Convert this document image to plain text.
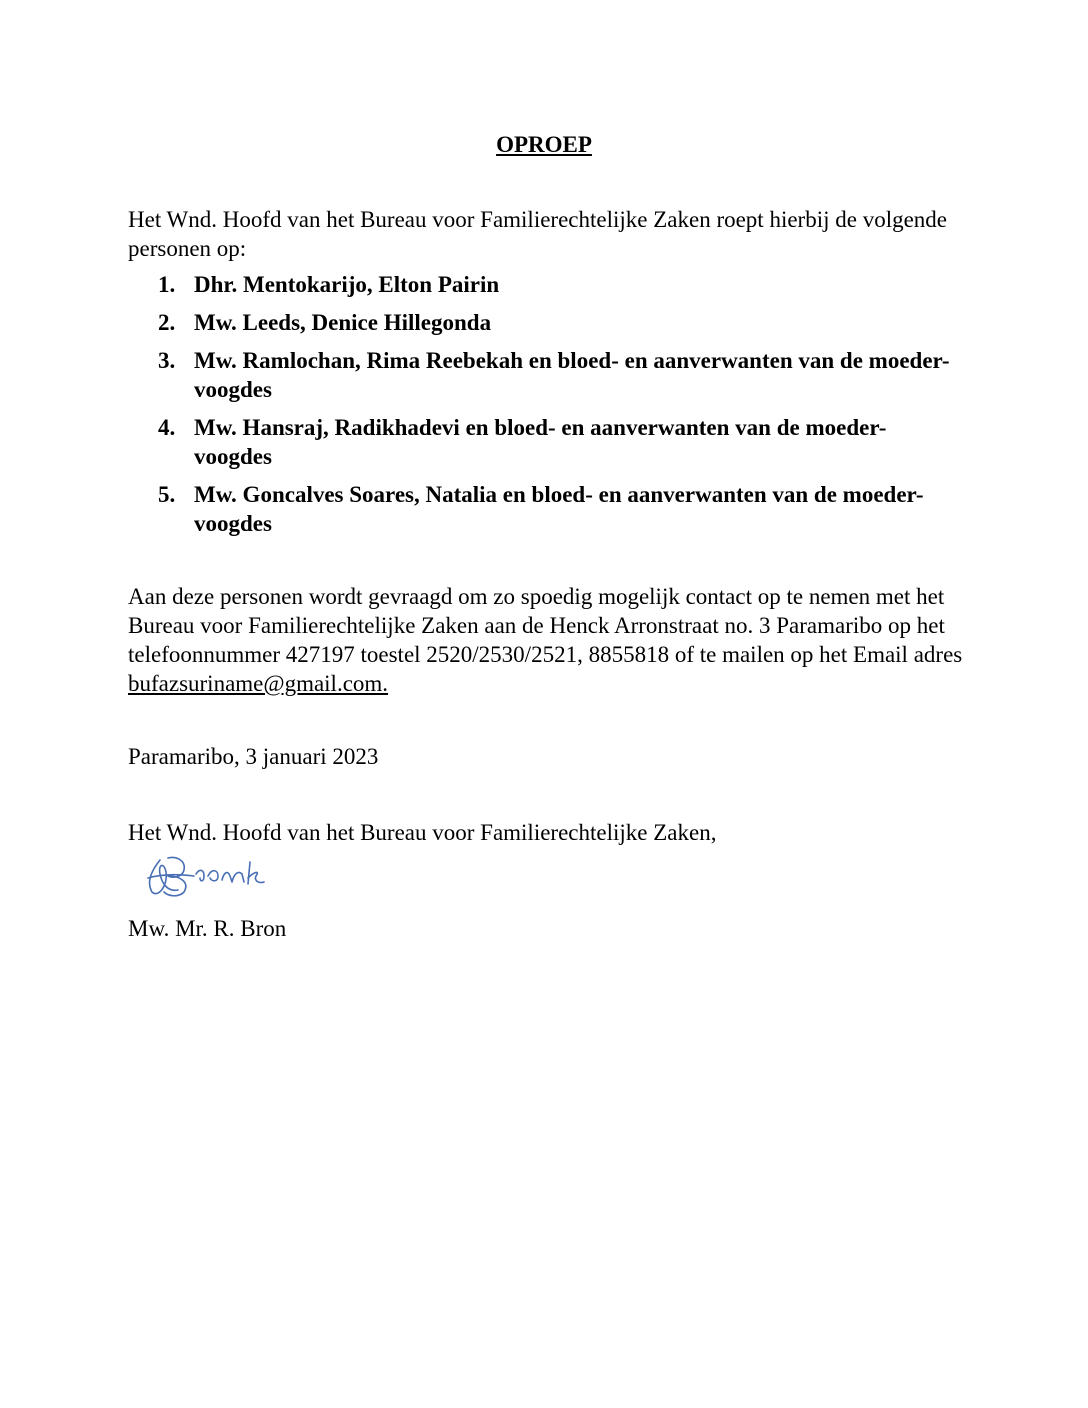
OPROEP
Het Wnd. Hoofd van het Bureau voor Familierechtelijke Zaken roept hierbij de volgende personen op:
1. Dhr. Mentokarijo, Elton Pairin
2. Mw. Leeds, Denice Hillegonda
3. Mw. Ramlochan, Rima Reebekah en bloed- en aanverwanten van de moeder-voogdes
4. Mw. Hansraj, Radikhadevi en bloed- en aanverwanten van de moeder-voogdes
5. Mw. Goncalves Soares, Natalia en bloed- en aanverwanten van de moeder-voogdes
Aan deze personen wordt gevraagd om zo spoedig mogelijk contact op te nemen met het Bureau voor Familierechtelijke Zaken aan de Henck Arronstraat no. 3 Paramaribo op het telefoonnummer 427197 toestel 2520/2530/2521, 8855818 of te mailen op het Email adres bufazsuriname@gmail.com.
Paramaribo, 3 januari 2023
Het Wnd. Hoofd van het Bureau voor Familierechtelijke Zaken,
Mw. Mr. R. Bron
